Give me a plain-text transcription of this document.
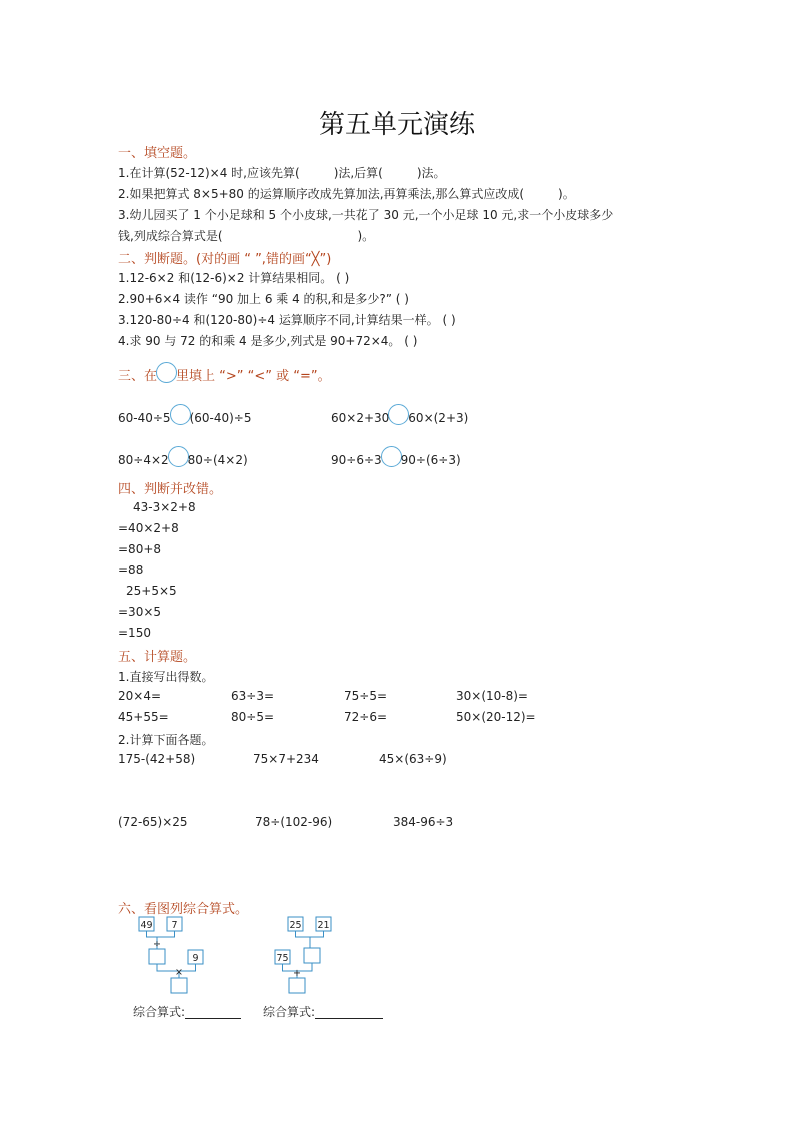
第五单元演练
一、填空题。
1.在计算(52-12)×4 时,应该先算(	)法,后算(	)法。
2.如果把算式 8×5+80 的运算顺序改成先算加法,再算乘法,那么算式应改成(	)。
3.幼儿园买了 1 个小足球和 5 个小皮球,一共花了 30 元,一个小足球 10 元,求一个小皮球多少
钱,列成综合算式是(	)。
二、判断题。(对的画 “ ”,错的画“╳”)
1.12-6×2 和(12-6)×2 计算结果相同。 ( )
2.90+6×4 读作 “90 加上 6 乘 4 的积,和是多少?” ( )
3.120-80÷4 和(120-80)÷4 运算顺序不同,计算结果一样。 ( )
4.求 90 与 72 的和乘 4 是多少,列式是 90+72×4。 ( )
三、在 里填上 “>” “<” 或 “=”。
60-40÷5 (60-40)÷5	60×2+30 60×(2+3)
80÷4×2 80÷(4×2)	90÷6÷3 90÷(6÷3)
四、判断并改错。
43-3×2+8
=40×2+8
=80+8
=88
25+5×5
=30×5
=150
五、计算题。
1.直接写出得数。
20×4=	63÷3=	75÷5=	30×(10-8)=
45+55=	80÷5=	72÷6=	50×(20-12)=
2.计算下面各题。
175-(42+58)	75×7+234	45×(63÷9)
(72-65)×25	78÷(102-96)	384-96÷3
六、看图列综合算式。
49 7
÷
9
×
25 21
75
+
综合算式:	综合算式:
